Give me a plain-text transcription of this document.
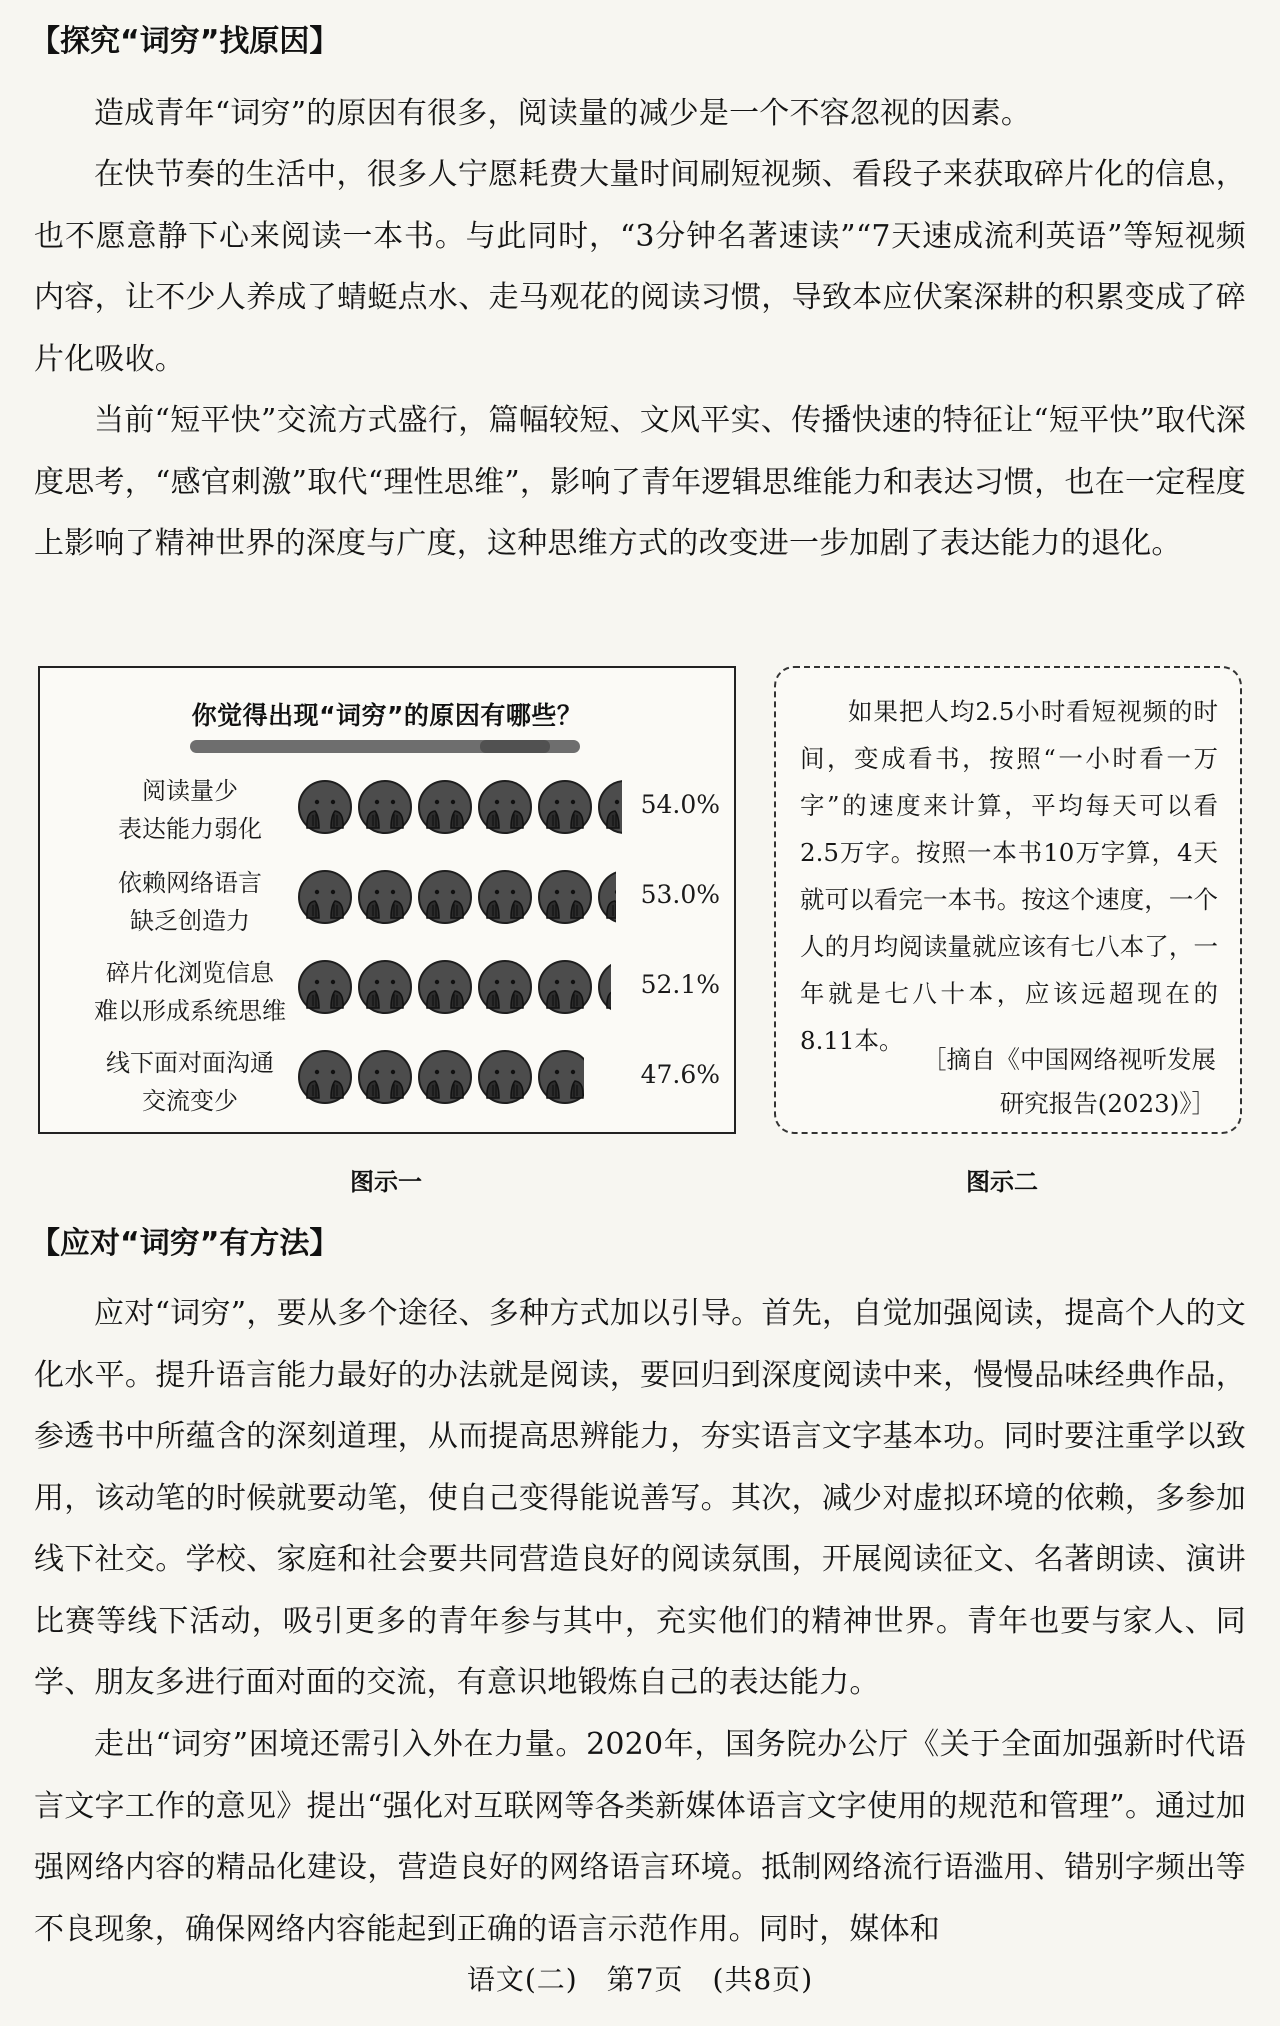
【探究“词穷”找原因】
造成青年“词穷”的原因有很多，阅读量的减少是一个不容忽视的因素。
在快节奏的生活中，很多人宁愿耗费大量时间刷短视频、看段子来获取碎片化的信息，也不愿意静下心来阅读一本书。与此同时，“3分钟名著速读”“7天速成流利英语”等短视频内容，让不少人养成了蜻蜓点水、走马观花的阅读习惯，导致本应伏案深耕的积累变成了碎片化吸收。
当前“短平快”交流方式盛行，篇幅较短、文风平实、传播快速的特征让“短平快”取代深度思考，“感官刺激”取代“理性思维”，影响了青年逻辑思维能力和表达习惯，也在一定程度上影响了精神世界的深度与广度，这种思维方式的改变进一步加剧了表达能力的退化。
你觉得出现“词穷”的原因有哪些？
阅读量少
表达能力弱化
54.0%
依赖网络语言
缺乏创造力
53.0%
碎片化浏览信息
难以形成系统思维
52.1%
线下面对面沟通
交流变少
47.6%
图示一
如果把人均2.5小时看短视频的时间，变成看书，按照“一小时看一万字”的速度来计算，平均每天可以看2.5万字。按照一本书10万字算，4天就可以看完一本书。按这个速度，一个人的月均阅读量就应该有七八本了，一年就是七八十本，应该远超现在的8.11本。
［摘自《中国网络视听发展
研究报告(2023)》］
图示二
【应对“词穷”有方法】
应对“词穷”，要从多个途径、多种方式加以引导。首先，自觉加强阅读，提高个人的文化水平。提升语言能力最好的办法就是阅读，要回归到深度阅读中来，慢慢品味经典作品，参透书中所蕴含的深刻道理，从而提高思辨能力，夯实语言文字基本功。同时要注重学以致用，该动笔的时候就要动笔，使自己变得能说善写。其次，减少对虚拟环境的依赖，多参加线下社交。学校、家庭和社会要共同营造良好的阅读氛围，开展阅读征文、名著朗读、演讲比赛等线下活动，吸引更多的青年参与其中，充实他们的精神世界。青年也要与家人、同学、朋友多进行面对面的交流，有意识地锻炼自己的表达能力。
走出“词穷”困境还需引入外在力量。2020年，国务院办公厅《关于全面加强新时代语言文字工作的意见》提出“强化对互联网等各类新媒体语言文字使用的规范和管理”。通过加强网络内容的精品化建设，营造良好的网络语言环境。抵制网络流行语滥用、错别字频出等不良现象，确保网络内容能起到正确的语言示范作用。同时，媒体和
语文(二)　第7页　(共8页)
